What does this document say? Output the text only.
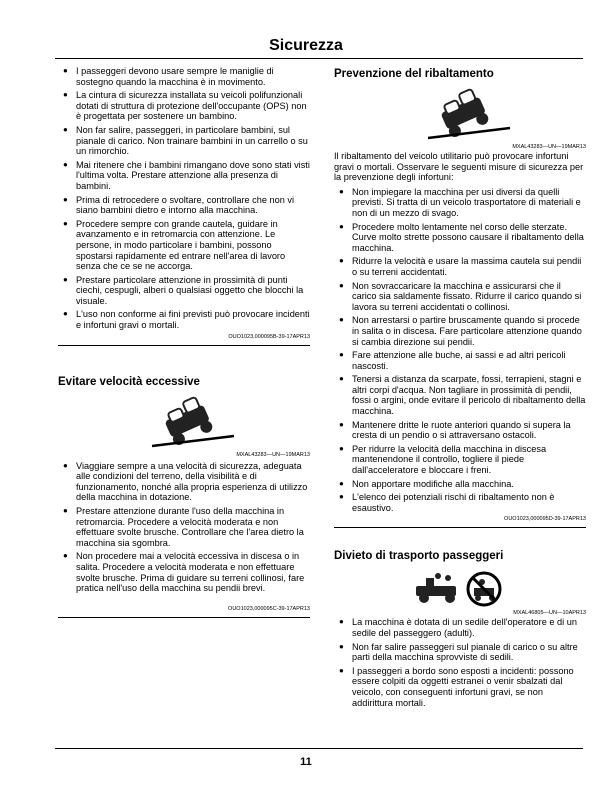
Sicurezza
● I passeggeri devono usare sempre le maniglie di sostegno quando la macchina è in movimento.
● La cintura di sicurezza installata su veicoli polifunzionali dotati di struttura di protezione dell'occupante (OPS) non è progettata per sostenere un bambino.
● Non far salire, passeggeri, in particolare bambini, sul pianale di carico. Non trainare bambini in un carrello o su un rimorchio.
● Mai ritenere che i bambini rimangano dove sono stati visti l'ultima volta. Prestare attenzione alla presenza di bambini.
● Prima di retrocedere o svoltare, controllare che non vi siano bambini dietro e intorno alla macchina.
● Procedere sempre con grande cautela, guidare in avanzamento e in retromarcia con attenzione. Le persone, in modo particolare i bambini, possono spostarsi rapidamente ed entrare nell'area di lavoro senza che ce se ne accorga.
● Prestare particolare attenzione in prossimità di punti ciechi, cespugli, alberi o qualsiasi oggetto che blocchi la visuale.
● L'uso non conforme ai fini previsti può provocare incidenti e infortuni gravi o mortali.
OUO1023,000095B-39-17APR13
Evitare velocità eccessive
MXAL43283—UN—19MAR13
● Viaggiare sempre a una velocità di sicurezza, adeguata alle condizioni del terreno, della visibilità e di funzionamento, nonché alla propria esperienza di utilizzo della macchina in dotazione.
● Prestare attenzione durante l'uso della macchina in retromarcia. Procedere a velocità moderata e non effettuare svolte brusche. Controllare che l'area dietro la macchina sia sgombra.
● Non procedere mai a velocità eccessiva in discesa o in salita. Procedere a velocità moderata e non effettuare svolte brusche. Prima di guidare su terreni collinosi, fare pratica nell'uso della macchina su pendii brevi.
OUO1023,000095C-39-17APR13
Prevenzione del ribaltamento
MXAL43283—UN—19MAR13
Il ribaltamento del veicolo utilitario può provocare infortuni gravi o mortali. Osservare le seguenti misure di sicurezza per la prevenzione degli infortuni:
● Non impiegare la macchina per usi diversi da quelli previsti. Si tratta di un veicolo trasportatore di materiali e non di un mezzo di svago.
● Procedere molto lentamente nel corso delle sterzate. Curve molto strette possono causare il ribaltamento della macchina.
● Ridurre la velocità e usare la massima cautela sui pendii o su terreni accidentati.
● Non sovraccaricare la macchina e assicurarsi che il carico sia saldamente fissato. Ridurre il carico quando si lavora su terreni accidentati o collinosi.
● Non arrestarsi o partire bruscamente quando si procede in salita o in discesa. Fare particolare attenzione quando si cambia direzione sui pendii.
● Fare attenzione alle buche, ai sassi e ad altri pericoli nascosti.
● Tenersi a distanza da scarpate, fossi, terrapieni, stagni e altri corpi d'acqua. Non tagliare in prossimità di pendii, fossi o argini, onde evitare il pericolo di ribaltamento della macchina.
● Mantenere dritte le ruote anteriori quando si supera la cresta di un pendio o si attraversano ostacoli.
● Per ridurre la velocità della macchina in discesa mantenendone il controllo, togliere il piede dall'acceleratore e bloccare i freni.
● Non apportare modifiche alla macchina.
● L'elenco dei potenziali rischi di ribaltamento non è esaustivo.
OUO1023,000095D-39-17APR13
Divieto di trasporto passeggeri
MXAL46805—UN—10APR13
● La macchina è dotata di un sedile dell'operatore e di un sedile del passeggero (adulti).
● Non far salire passeggeri sul pianale di carico o su altre parti della macchina sprovviste di sedili.
● I passeggeri a bordo sono esposti a incidenti: possono essere colpiti da oggetti estranei o venir sbalzati dal veicolo, con conseguenti infortuni gravi, se non addirittura mortali.
11
